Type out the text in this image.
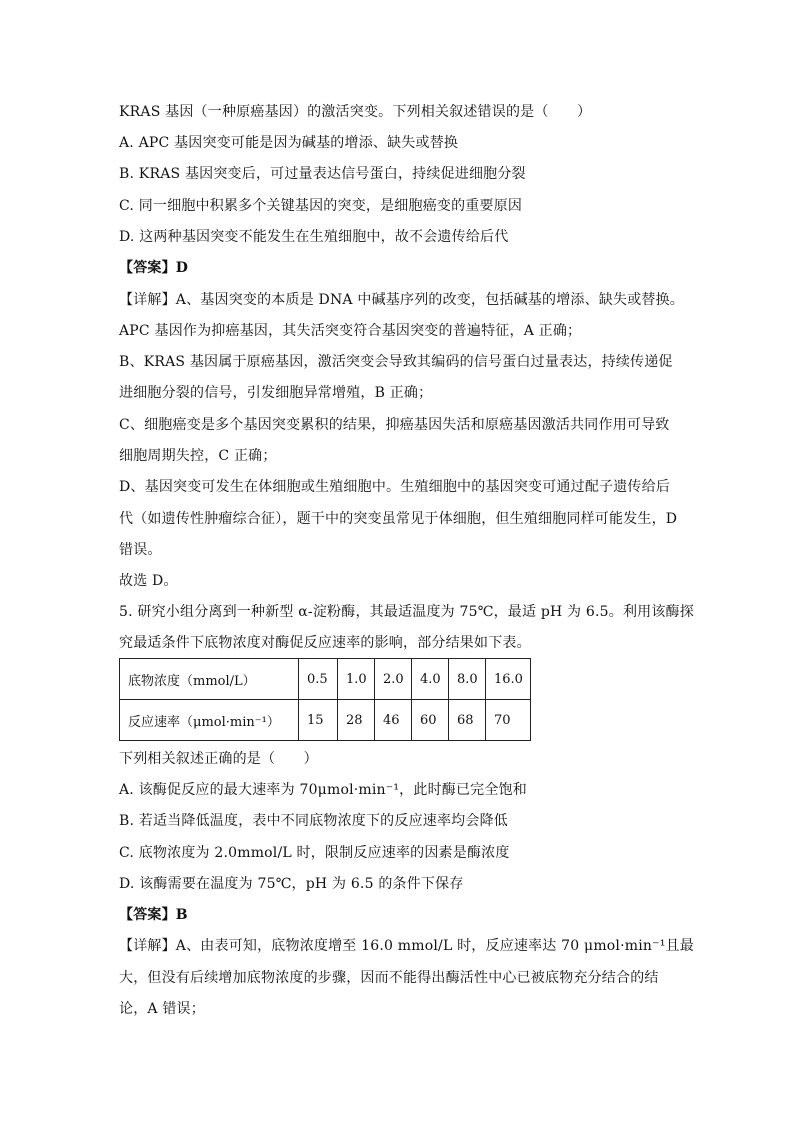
KRAS 基因（一种原癌基因）的激活突变。下列相关叙述错误的是（　　）
A. APC 基因突变可能是因为碱基的增添、缺失或替换
B. KRAS 基因突变后，可过量表达信号蛋白，持续促进细胞分裂
C. 同一细胞中积累多个关键基因的突变，是细胞癌变的重要原因
D. 这两种基因突变不能发生在生殖细胞中，故不会遗传给后代
【答案】D
【详解】A、基因突变的本质是 DNA 中碱基序列的改变，包括碱基的增添、缺失或替换。
APC 基因作为抑癌基因，其失活突变符合基因突变的普遍特征，A 正确；
B、KRAS 基因属于原癌基因，激活突变会导致其编码的信号蛋白过量表达，持续传递促
进细胞分裂的信号，引发细胞异常增殖，B 正确；
C、细胞癌变是多个基因突变累积的结果，抑癌基因失活和原癌基因激活共同作用可导致
细胞周期失控，C 正确；
D、基因突变可发生在体细胞或生殖细胞中。生殖细胞中的基因突变可通过配子遗传给后
代（如遗传性肿瘤综合征），题干中的突变虽常见于体细胞，但生殖细胞同样可能发生，D
错误。
故选 D。
5. 研究小组分离到一种新型 α-淀粉酶，其最适温度为 75℃，最适 pH 为 6.5。利用该酶探
究最适条件下底物浓度对酶促反应速率的影响，部分结果如下表。
底物浓度（mmol/L）	0.5	1.0	2.0	4.0	8.0	16.0
反应速率（μmol·min⁻¹）	15	28	46	60	68	70
下列相关叙述正确的是（　　）
A. 该酶促反应的最大速率为 70μmol·min⁻¹，此时酶已完全饱和
B. 若适当降低温度，表中不同底物浓度下的反应速率均会降低
C. 底物浓度为 2.0mmol/L 时，限制反应速率的因素是酶浓度
D. 该酶需要在温度为 75℃，pH 为 6.5 的条件下保存
【答案】B
【详解】A、由表可知，底物浓度增至 16.0 mmol/L 时，反应速率达 70 μmol·min⁻¹且最
大，但没有后续增加底物浓度的步骤，因而不能得出酶活性中心已被底物充分结合的结
论，A 错误；
